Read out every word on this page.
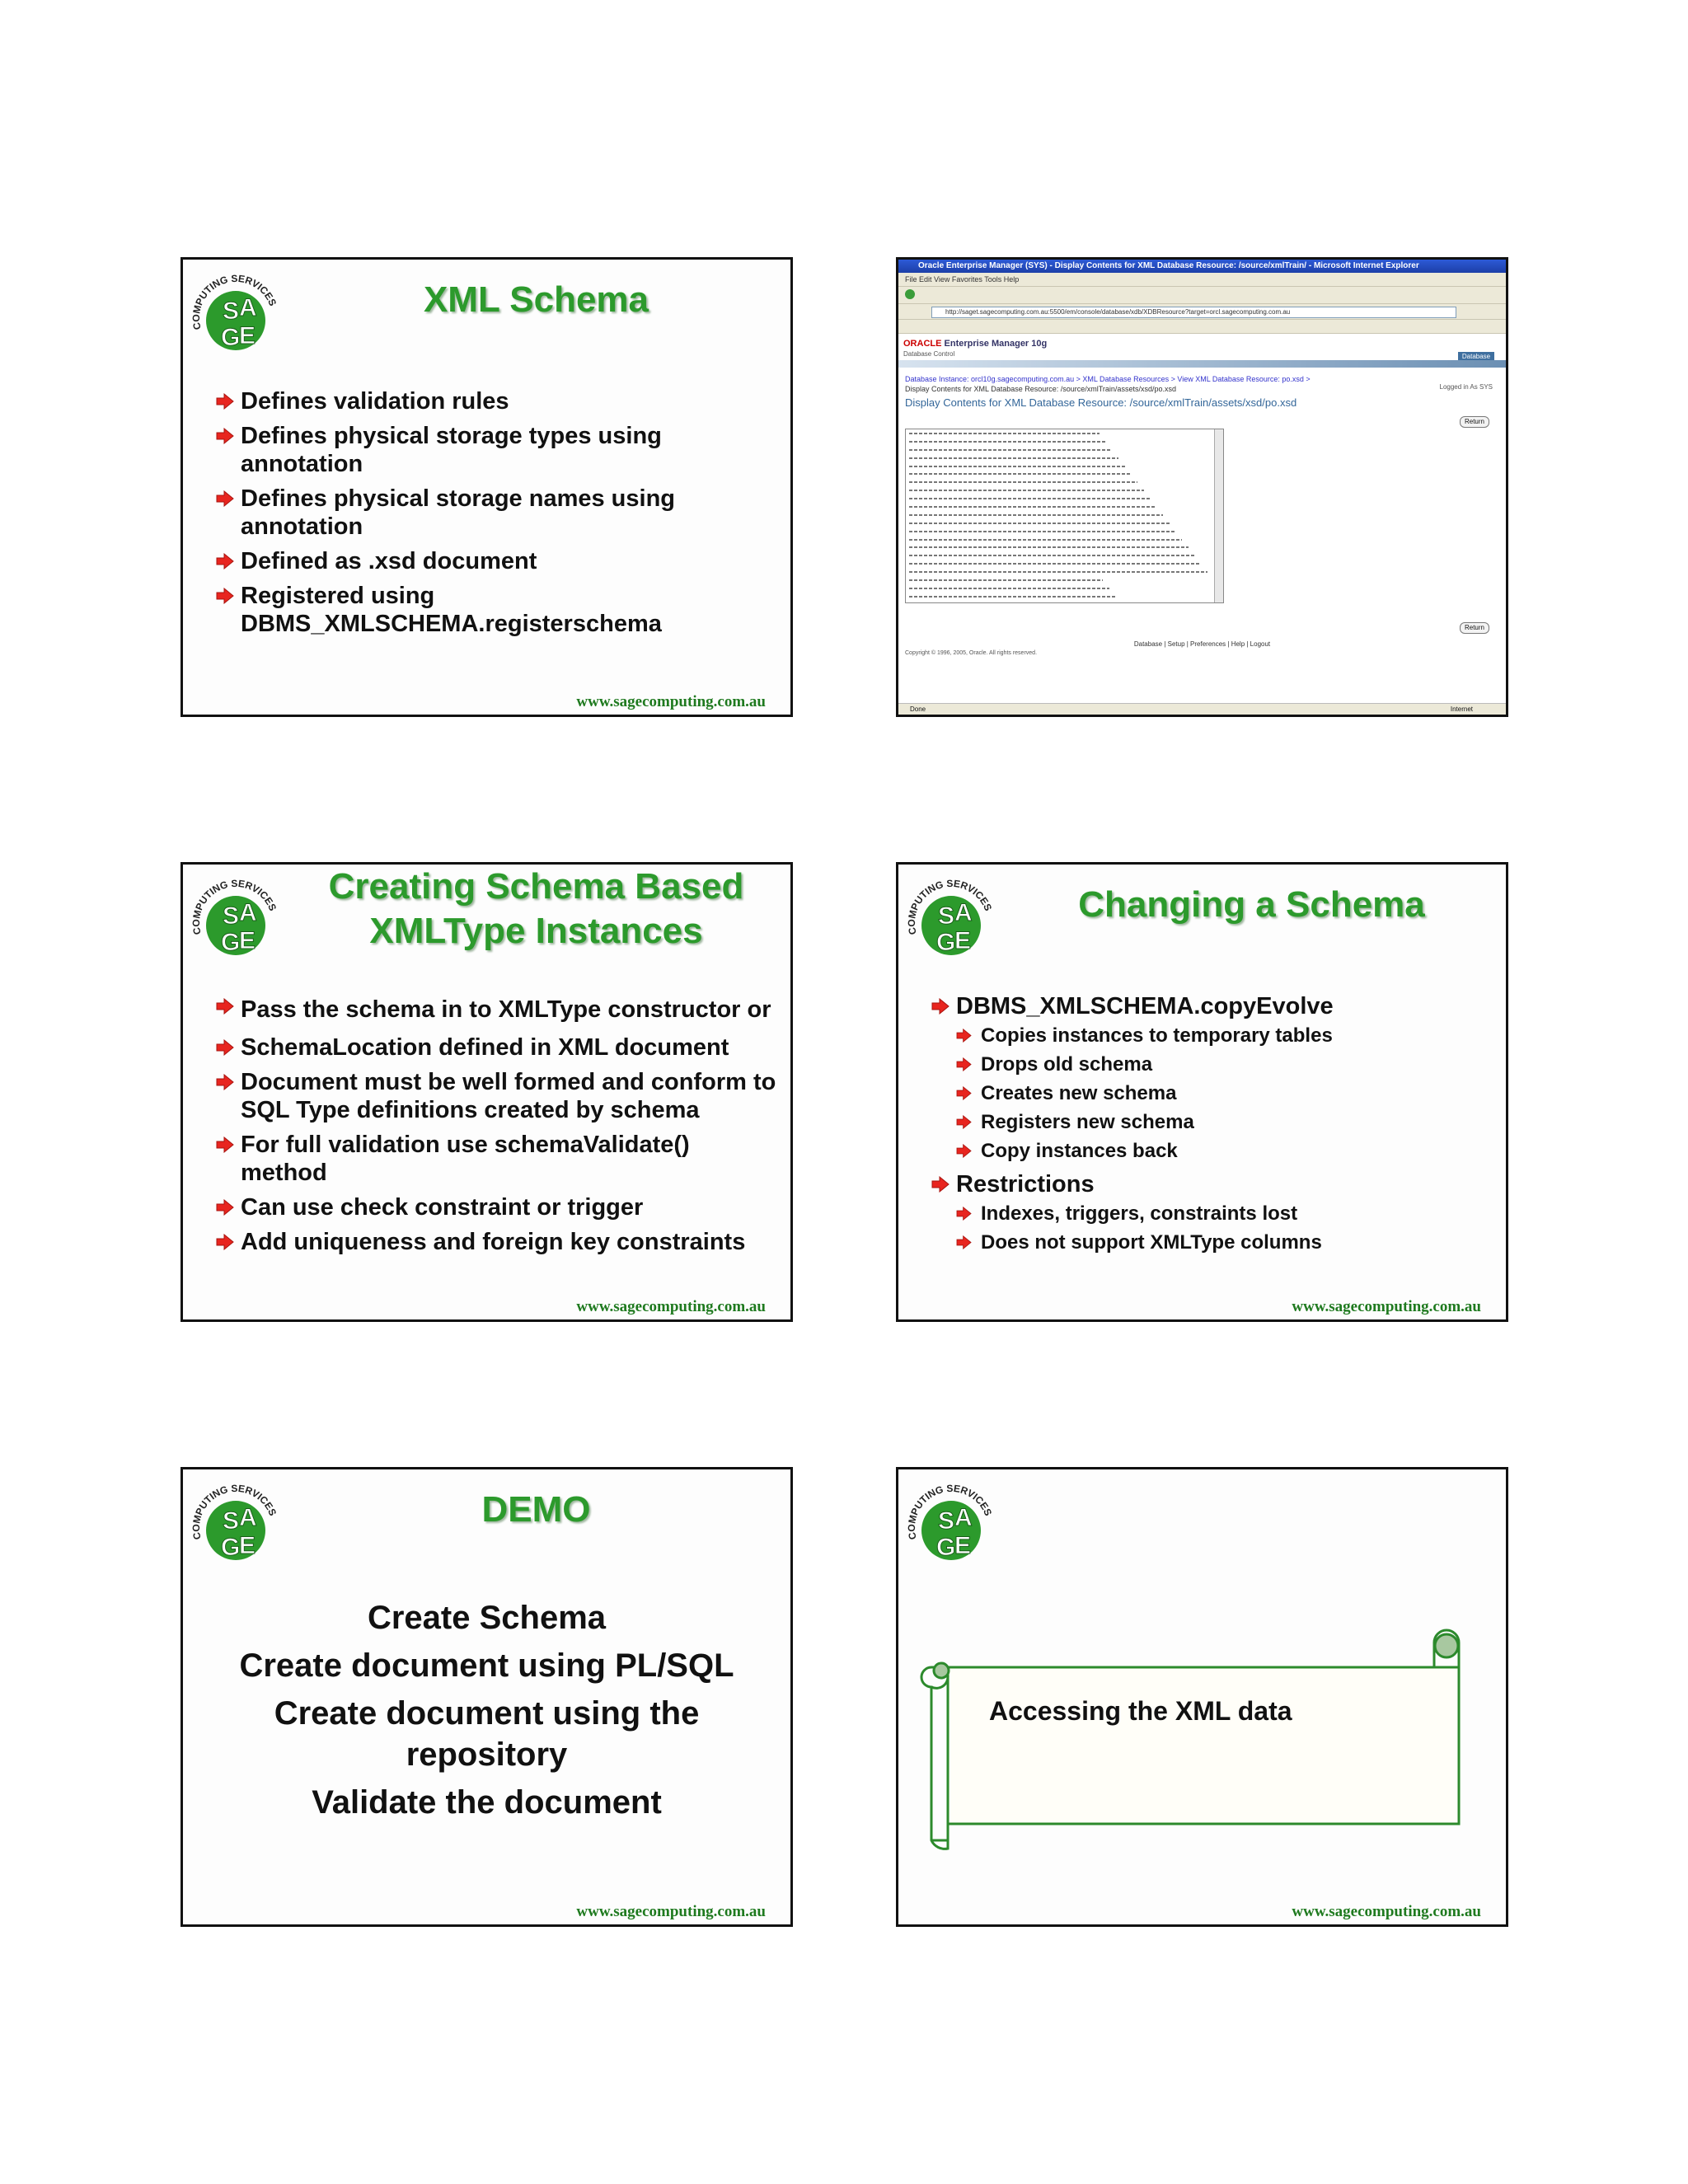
XML Schema
Defines validation rules
Defines physical storage types using annotation
Defines physical storage names using annotation
Defined as .xsd document
Registered using DBMS_XMLSCHEMA.registerschema
www.sagecomputing.com.au
Oracle Enterprise Manager (SYS) - Display Contents for XML Database Resource: /source/xmlTrain/ - Microsoft Internet Explorer
File Edit View Favorites Tools Help
http://saget.sagecomputing.com.au:5500/em/console/database/xdb/XDBResource?target=orcl.sagecomputing.com.au
ORACLE Enterprise Manager 10g
Database Control	Database
Database Instance: orcl10g.sagecomputing.com.au > XML Database Resources > View XML Database Resource: po.xsd >
Display Contents for XML Database Resource: /source/xmlTrain/assets/xsd/po.xsd	Logged in As SYS
Display Contents for XML Database Resource: /source/xmlTrain/assets/xsd/po.xsd
Return
Return
Database | Setup | Preferences | Help | Logout
Copyright © 1996, 2005, Oracle. All rights reserved.
Done	Internet
Creating Schema Based
XMLType Instances
Pass the schema in to XMLType constructor or
SchemaLocation defined in XML document
Document must be well formed and conform to SQL Type definitions created by schema
For full validation use schemaValidate() method
Can use check constraint or trigger
Add uniqueness and foreign key constraints
www.sagecomputing.com.au
Changing a Schema
DBMS_XMLSCHEMA.copyEvolve
Copies instances to temporary tables
Drops old schema
Creates new schema
Registers new schema
Copy instances back
Restrictions
Indexes, triggers, constraints lost
Does not support XMLType columns
www.sagecomputing.com.au
DEMO
Create Schema
Create document using PL/SQL
Create document using the repository
Validate the document
www.sagecomputing.com.au
Accessing the XML data
www.sagecomputing.com.au
